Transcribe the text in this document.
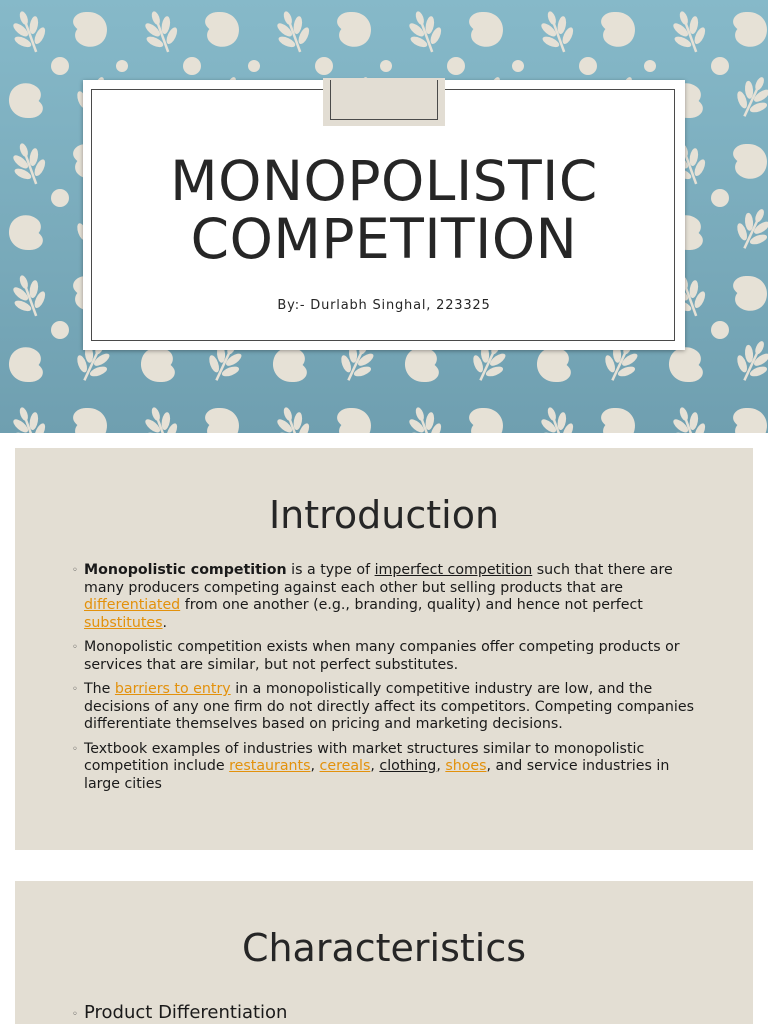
MONOPOLISTIC
COMPETITION
By:- Durlabh Singhal, 223325
Introduction
◦ Monopolistic competition is a type of imperfect competition such that there are many producers competing against each other but selling products that are differentiated from one another (e.g., branding, quality) and hence not perfect substitutes.
◦ Monopolistic competition exists when many companies offer competing products or services that are similar, but not perfect substitutes.
◦ The barriers to entry in a monopolistically competitive industry are low, and the decisions of any one firm do not directly affect its competitors. Competing companies differentiate themselves based on pricing and marketing decisions.
◦ Textbook examples of industries with market structures similar to monopolistic competition include restaurants, cereals, clothing, shoes, and service industries in large cities
Characteristics
◦ Product Differentiation
